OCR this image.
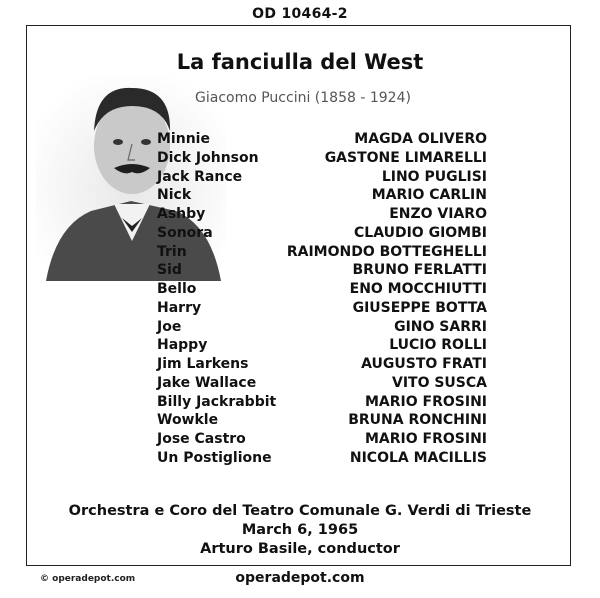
OD 10464-2
La fanciulla del West
Giacomo Puccini (1858 - 1924)
Minnie	MAGDA OLIVERO
Dick Johnson	GASTONE LIMARELLI
Jack Rance	LINO PUGLISI
Nick	MARIO CARLIN
Ashby	ENZO VIARO
Sonora	CLAUDIO GIOMBI
Trin	RAIMONDO BOTTEGHELLI
Sid	BRUNO FERLATTI
Bello	ENO MOCCHIUTTI
Harry	GIUSEPPE BOTTA
Joe	GINO SARRI
Happy	LUCIO ROLLI
Jim Larkens	AUGUSTO FRATI
Jake Wallace	VITO SUSCA
Billy Jackrabbit	MARIO FROSINI
Wowkle	BRUNA RONCHINI
Jose Castro	MARIO FROSINI
Un Postiglione	NICOLA MACILLIS
Orchestra e Coro del Teatro Comunale G. Verdi di Trieste
March 6, 1965
Arturo Basile, conductor
© operadepot.com	operadepot.com
